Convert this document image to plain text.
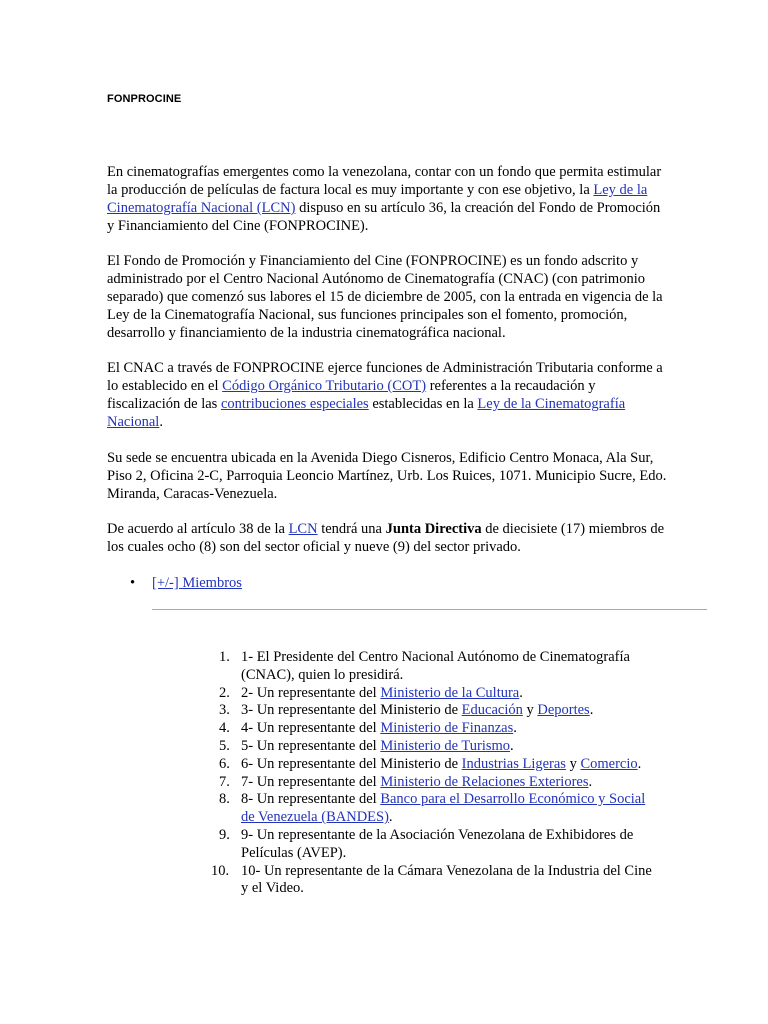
FONPROCINE

En cinematografías emergentes como la venezolana, contar con un fondo que permita estimular la producción de películas de factura local es muy importante y con ese objetivo, la Ley de la Cinematografía Nacional (LCN) dispuso en su artículo 36, la creación del Fondo de Promoción y Financiamiento del Cine (FONPROCINE).

El Fondo de Promoción y Financiamiento del Cine (FONPROCINE) es un fondo adscrito y administrado por el Centro Nacional Autónomo de Cinematografía (CNAC) (con patrimonio separado) que comenzó sus labores el 15 de diciembre de 2005, con la entrada en vigencia de la Ley de la Cinematografía Nacional, sus funciones principales son el fomento, promoción, desarrollo y financiamiento de la industria cinematográfica nacional.

El CNAC a través de FONPROCINE ejerce funciones de Administración Tributaria conforme a lo establecido en el Código Orgánico Tributario (COT) referentes a la recaudación y fiscalización de las contribuciones especiales establecidas en la Ley de la Cinematografía Nacional.

Su sede se encuentra ubicada en la Avenida Diego Cisneros, Edificio Centro Monaca, Ala Sur, Piso 2, Oficina 2-C, Parroquia Leoncio Martínez, Urb. Los Ruices, 1071. Municipio Sucre, Edo. Miranda, Caracas-Venezuela.

De acuerdo al artículo 38 de la LCN tendrá una Junta Directiva de diecisiete (17) miembros de los cuales ocho (8) son del sector oficial y nueve (9) del sector privado.

• [+/-] Miembros
1. 1- El Presidente del Centro Nacional Autónomo de Cinematografía (CNAC), quien lo presidirá.
2. 2- Un representante del Ministerio de la Cultura.
3. 3- Un representante del Ministerio de Educación y Deportes.
4. 4- Un representante del Ministerio de Finanzas.
5. 5- Un representante del Ministerio de Turismo.
6. 6- Un representante del Ministerio de Industrias Ligeras y Comercio.
7. 7- Un representante del Ministerio de Relaciones Exteriores.
8. 8- Un representante del Banco para el Desarrollo Económico y Social de Venezuela (BANDES).
9. 9- Un representante de la Asociación Venezolana de Exhibidores de Películas (AVEP).
10. 10- Un representante de la Cámara Venezolana de la Industria del Cine y el Video.
